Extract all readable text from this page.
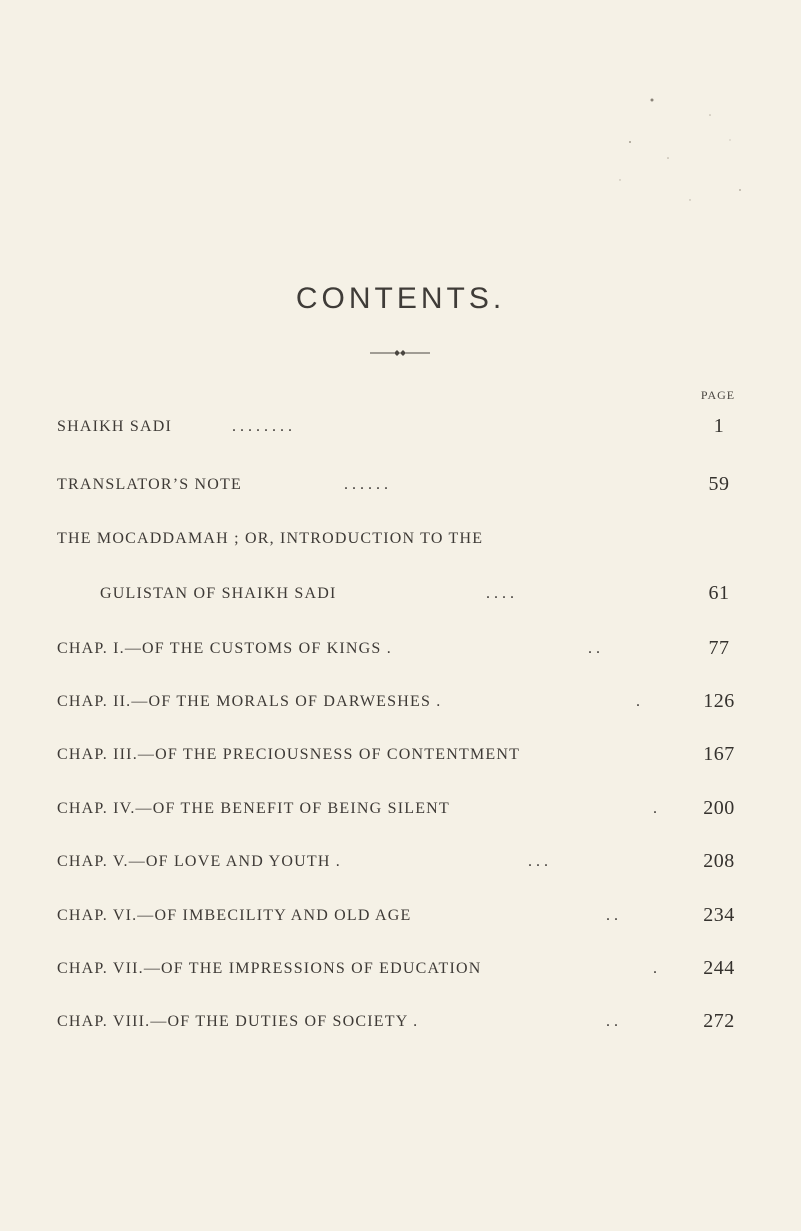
CONTENTS.
PAGE
SHAIKH SADI	. . . . . . . .	1
TRANSLATOR’S NOTE	. . . . . .	59
THE MOCADDAMAH ; OR, INTRODUCTION TO THE
GULISTAN OF SHAIKH SADI	. . . .	61
CHAP. I.—OF THE CUSTOMS OF KINGS .	. .	77
CHAP. II.—OF THE MORALS OF DARWESHES .	.	126
CHAP. III.—OF THE PRECIOUSNESS OF CONTENTMENT	167
CHAP. IV.—OF THE BENEFIT OF BEING SILENT	.	200
CHAP. V.—OF LOVE AND YOUTH .	. . .	208
CHAP. VI.—OF IMBECILITY AND OLD AGE	. .	234
CHAP. VII.—OF THE IMPRESSIONS OF EDUCATION	.	244
CHAP. VIII.—OF THE DUTIES OF SOCIETY .	. .	272
